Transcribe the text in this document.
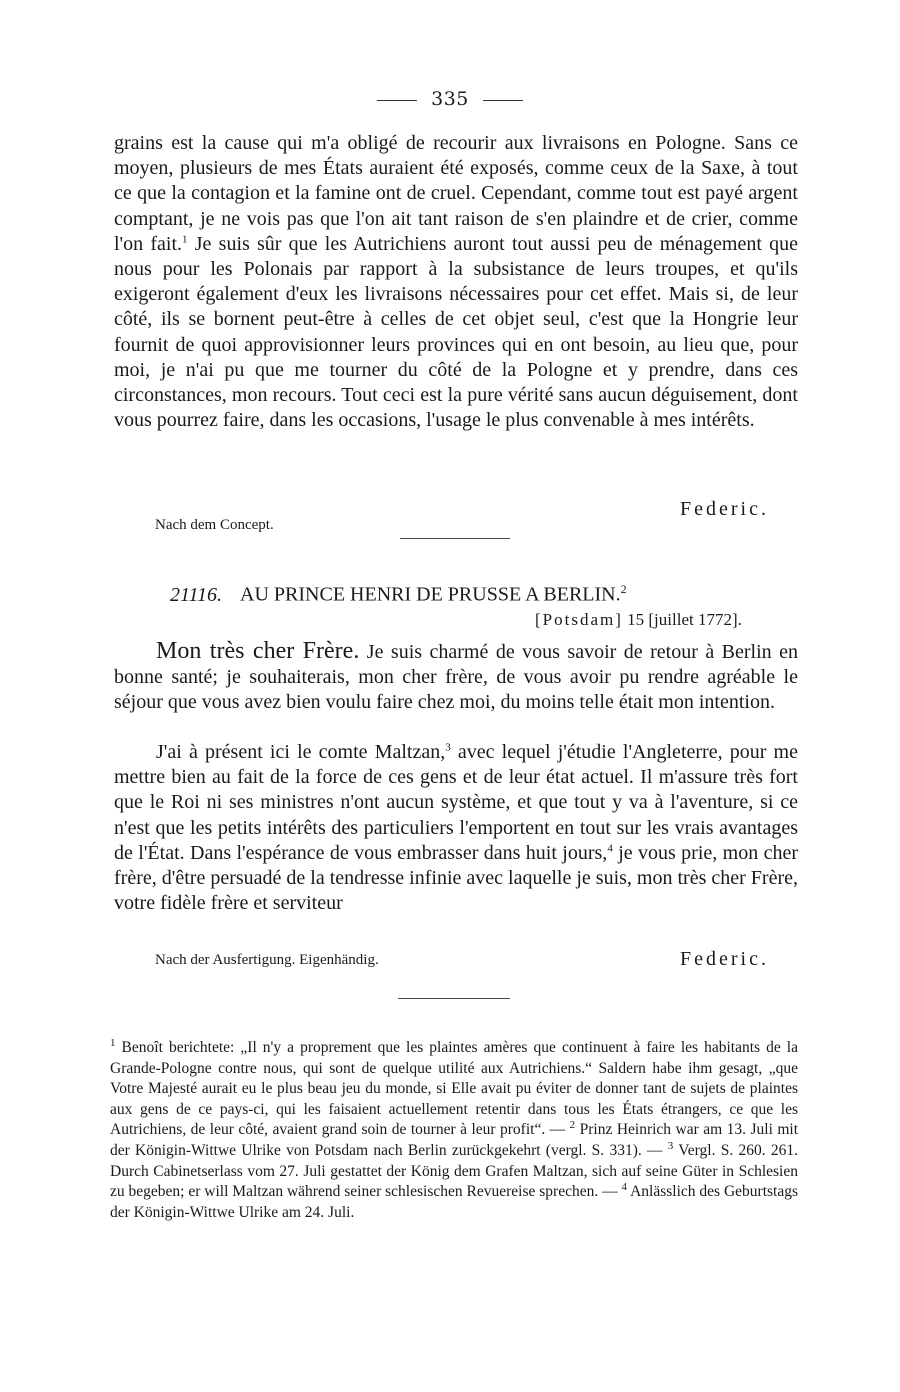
335
grains est la cause qui m'a obligé de recourir aux livraisons en Pologne. Sans ce moyen, plusieurs de mes États auraient été exposés, comme ceux de la Saxe, à tout ce que la contagion et la famine ont de cruel. Cependant, comme tout est payé argent comptant, je ne vois pas que l'on ait tant raison de s'en plaindre et de crier, comme l'on fait.$^1$ Je suis sûr que les Autrichiens auront tout aussi peu de ménagement que nous pour les Polonais par rapport à la subsistance de leurs troupes, et qu'ils exigeront également d'eux les livraisons nécessaires pour cet effet. Mais si, de leur côté, ils se bornent peut-être à celles de cet objet seul, c'est que la Hongrie leur fournit de quoi approvisionner leurs provinces qui en ont besoin, au lieu que, pour moi, je n'ai pu que me tourner du côté de la Pologne et y prendre, dans ces circonstances, mon recours. Tout ceci est la pure vérité sans aucun déguisement, dont vous pourrez faire, dans les occasions, l'usage le plus convenable à mes intérêts.
Federic.
Nach dem Concept.
21116. AU PRINCE HENRI DE PRUSSE A BERLIN.$^2$
[Potsdam] 15 [juillet 1772].
Mon très cher Frère. Je suis charmé de vous savoir de retour à Berlin en bonne santé; je souhaiterais, mon cher frère, de vous avoir pu rendre agréable le séjour que vous avez bien voulu faire chez moi, du moins telle était mon intention.
J'ai à présent ici le comte Maltzan,$^3$ avec lequel j'étudie l'Angleterre, pour me mettre bien au fait de la force de ces gens et de leur état actuel. Il m'assure très fort que le Roi ni ses ministres n'ont aucun système, et que tout y va à l'aventure, si ce n'est que les petits intérêts des particuliers l'emportent en tout sur les vrais avantages de l'État. Dans l'espérance de vous embrasser dans huit jours,$^4$ je vous prie, mon cher frère, d'être persuadé de la tendresse infinie avec laquelle je suis, mon très cher Frère, votre fidèle frère et serviteur
Nach der Ausfertigung. Eigenhändig.	Federic.
$^1$ Benoît berichtete: „Il n'y a proprement que les plaintes amères que continuent à faire les habitants de la Grande-Pologne contre nous, qui sont de quelque utilité aux Autrichiens.“ Saldern habe ihm gesagt, „que Votre Majesté aurait eu le plus beau jeu du monde, si Elle avait pu éviter de donner tant de sujets de plaintes aux gens de ce pays-ci, qui les faisaient actuellement retentir dans tous les États étrangers, ce que les Autrichiens, de leur côté, avaient grand soin de tourner à leur profit“. — $^2$ Prinz Heinrich war am 13. Juli mit der Königin-Wittwe Ulrike von Potsdam nach Berlin zurückgekehrt (vergl. S. 331). — $^3$ Vergl. S. 260. 261. Durch Cabinetserlass vom 27. Juli gestattet der König dem Grafen Maltzan, sich auf seine Güter in Schlesien zu begeben; er will Maltzan während seiner schlesischen Revuereise sprechen. — $^4$ Anlässlich des Geburtstags der Königin-Wittwe Ulrike am 24. Juli.
